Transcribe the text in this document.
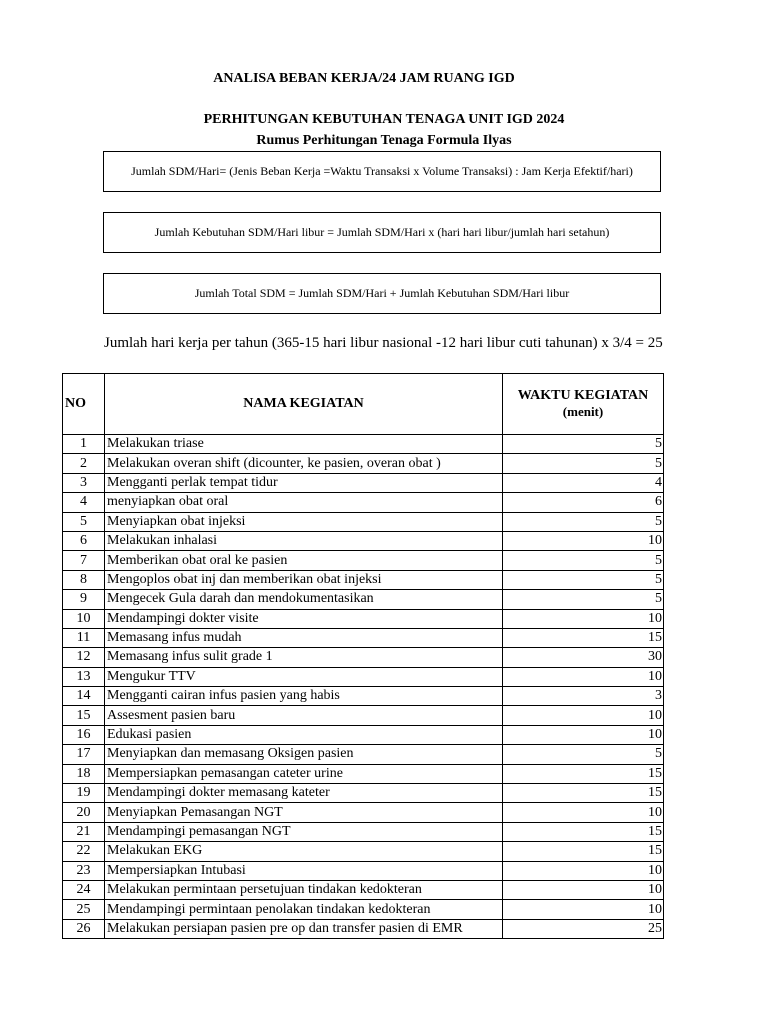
ANALISA BEBAN KERJA/24 JAM RUANG IGD
PERHITUNGAN KEBUTUHAN TENAGA UNIT IGD 2024
Rumus Perhitungan Tenaga Formula Ilyas
Jumlah SDM/Hari= (Jenis Beban Kerja =Waktu Transaksi x Volume Transaksi) : Jam Kerja Efektif/hari)
Jumlah Kebutuhan SDM/Hari libur = Jumlah SDM/Hari x (hari hari libur/jumlah hari setahun)
Jumlah Total SDM = Jumlah SDM/Hari + Jumlah Kebutuhan SDM/Hari libur
Jumlah hari kerja per tahun (365-15 hari libur nasional -12 hari libur cuti tahunan) x 3/4 = 25
NO	NAMA KEGIATAN	WAKTU KEGIATAN
(menit)

1	Melakukan triase	5
2	Melakukan overan shift (dicounter, ke pasien, overan obat )	5
3	Mengganti perlak tempat tidur	4
4	menyiapkan obat oral	6
5	Menyiapkan obat injeksi	5
6	Melakukan inhalasi	10
7	Memberikan obat oral ke pasien	5
8	Mengoplos obat inj dan memberikan obat injeksi	5
9	Mengecek Gula darah dan mendokumentasikan	5
10	Mendampingi dokter visite	10
11	Memasang infus mudah	15
12	Memasang infus sulit grade 1	30
13	Mengukur TTV	10
14	Mengganti cairan infus pasien yang habis	3
15	Assesment pasien baru	10
16	Edukasi pasien	10
17	Menyiapkan dan memasang Oksigen pasien	5
18	Mempersiapkan pemasangan cateter urine	15
19	Mendampingi dokter memasang kateter	15
20	Menyiapkan Pemasangan NGT	10
21	Mendampingi pemasangan NGT	15
22	Melakukan EKG	15
23	Mempersiapkan Intubasi	10
24	Melakukan permintaan persetujuan tindakan kedokteran	10
25	Mendampingi permintaan penolakan tindakan kedokteran	10
26	Melakukan persiapan pasien pre op dan transfer pasien di EMR	25
